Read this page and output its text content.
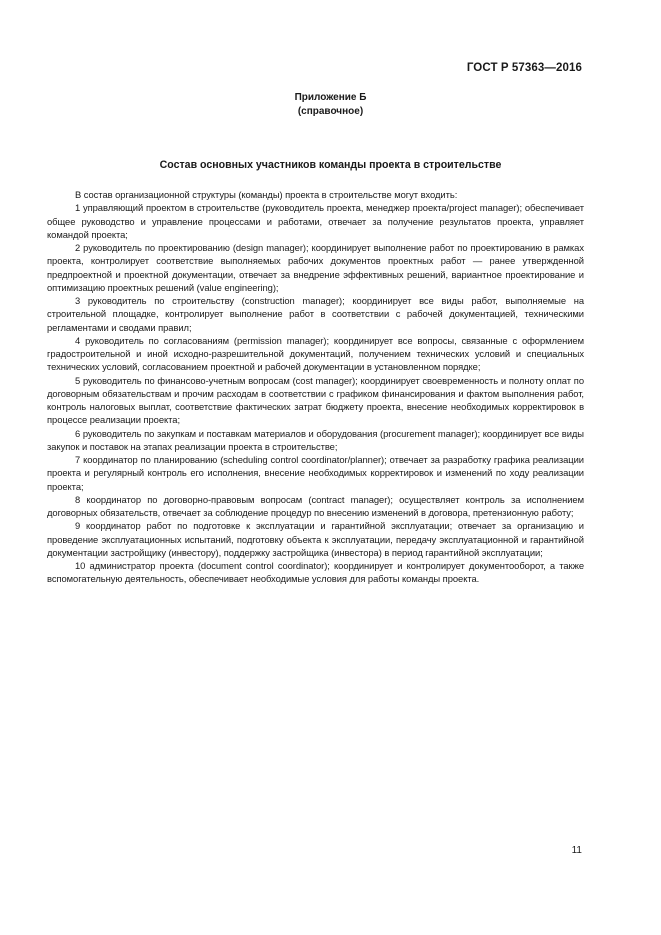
ГОСТ Р 57363—2016
Приложение Б
(справочное)
Состав основных участников команды проекта в строительстве

В состав организационной структуры (команды) проекта в строительстве могут входить:

1 управляющий проектом в строительстве (руководитель проекта, менеджер проекта/project manager); обеспечивает общее руководство и управление процессами и работами, отвечает за получение результатов проекта, управляет командой проекта;

2 руководитель по проектированию (design manager); координирует выполнение работ по проектированию в рамках проекта, контролирует соответствие выполняемых рабочих документов проектных работ — ранее утвержденной предпроектной и проектной документации, отвечает за внедрение эффективных решений, вариантное проектирование и оптимизацию проектных решений (value engineering);

3 руководитель по строительству (construction manager); координирует все виды работ, выполняемые на строительной площадке, контролирует выполнение работ в соответствии с рабочей документацией, техническими регламентами и сводами правил;

4 руководитель по согласованиям (permission manager); координирует все вопросы, связанные с оформлением градостроительной и иной исходно-разрешительной документаций, получением технических условий и специальных технических условий, согласованием проектной и рабочей документации в установленном порядке;

5 руководитель по финансово-учетным вопросам (cost manager); координирует своевременность и полноту оплат по договорным обязательствам и прочим расходам в соответствии с графиком финансирования и фактом выполнения работ, контроль налоговых выплат, соответствие фактических затрат бюджету проекта, внесение необходимых корректировок в процессе реализации проекта;

6 руководитель по закупкам и поставкам материалов и оборудования (procurement manager); координирует все виды закупок и поставок на этапах реализации проекта в строительстве;

7 координатор по планированию (scheduling control coordinator/planner); отвечает за разработку графика реализации проекта и регулярный контроль его исполнения, внесение необходимых корректировок и изменений по ходу реализации проекта;

8 координатор по договорно-правовым вопросам (contract manager); осуществляет контроль за исполнением договорных обязательств, отвечает за соблюдение процедур по внесению изменений в договора, претензионную работу;

9 координатор работ по подготовке к эксплуатации и гарантийной эксплуатации; отвечает за организацию и проведение эксплуатационных испытаний, подготовку объекта к эксплуатации, передачу эксплуатационной и гарантийной документации застройщику (инвестору), поддержку застройщика (инвестора) в период гарантийной эксплуатации;

10 администратор проекта (document control coordinator); координирует и контролирует документооборот, а также вспомогательную деятельность, обеспечивает необходимые условия для работы команды проекта.

11
